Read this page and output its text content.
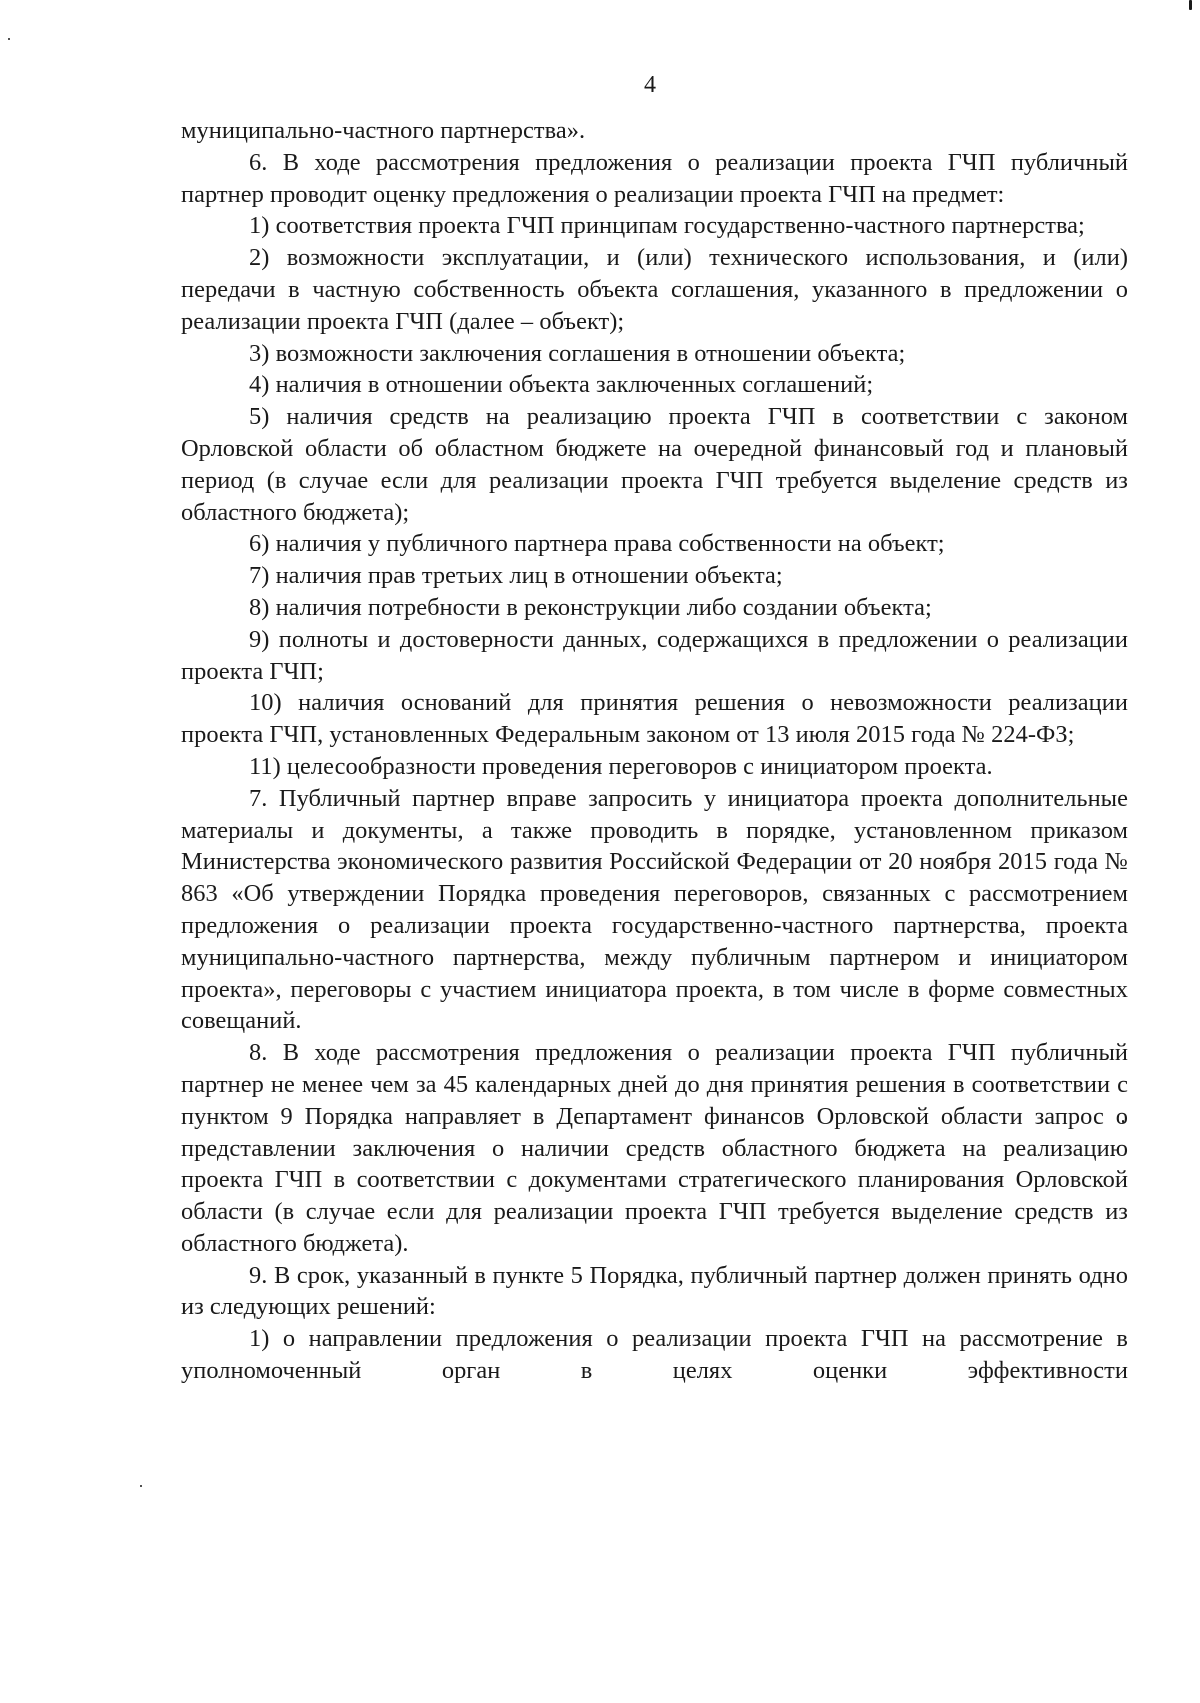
4

муниципально-частного партнерства».

6. В ходе рассмотрения предложения о реализации проекта ГЧП публичный партнер проводит оценку предложения о реализации проекта ГЧП на предмет:

1) соответствия проекта ГЧП принципам государственно-частного партнерства;

2) возможности эксплуатации, и (или) технического использования, и (или) передачи в частную собственность объекта соглашения, указанного в предложении о реализации проекта ГЧП (далее – объект);

3) возможности заключения соглашения в отношении объекта;

4) наличия в отношении объекта заключенных соглашений;

5) наличия средств на реализацию проекта ГЧП в соответствии с законом Орловской области об областном бюджете на очередной финансовый год и плановый период (в случае если для реализации проекта ГЧП требуется выделение средств из областного бюджета);

6) наличия у публичного партнера права собственности на объект;

7) наличия прав третьих лиц в отношении объекта;

8) наличия потребности в реконструкции либо создании объекта;

9) полноты и достоверности данных, содержащихся в предложении о реализации проекта ГЧП;

10) наличия оснований для принятия решения о невозможности реализации проекта ГЧП, установленных Федеральным законом от 13 июля 2015 года № 224-ФЗ;

11) целесообразности проведения переговоров с инициатором проекта.

7. Публичный партнер вправе запросить у инициатора проекта дополнительные материалы и документы, а также проводить в порядке, установленном приказом Министерства экономического развития Российской Федерации от 20 ноября 2015 года № 863 «Об утверждении Порядка проведения переговоров, связанных с рассмотрением предложения о реализации проекта государственно-частного партнерства, проекта муниципально-частного партнерства, между публичным партнером и инициатором проекта», переговоры с участием инициатора проекта, в том числе в форме совместных совещаний.

8. В ходе рассмотрения предложения о реализации проекта ГЧП публичный партнер не менее чем за 45 календарных дней до дня принятия решения в соответствии с пунктом 9 Порядка направляет в Департамент финансов Орловской области запрос о представлении заключения о наличии средств областного бюджета на реализацию проекта ГЧП в соответствии с документами стратегического планирования Орловской области (в случае если для реализации проекта ГЧП требуется выделение средств из областного бюджета).

9. В срок, указанный в пункте 5 Порядка, публичный партнер должен принять одно из следующих решений:

1) о направлении предложения о реализации проекта ГЧП на рассмотрение в уполномоченный орган в целях оценки эффективности
